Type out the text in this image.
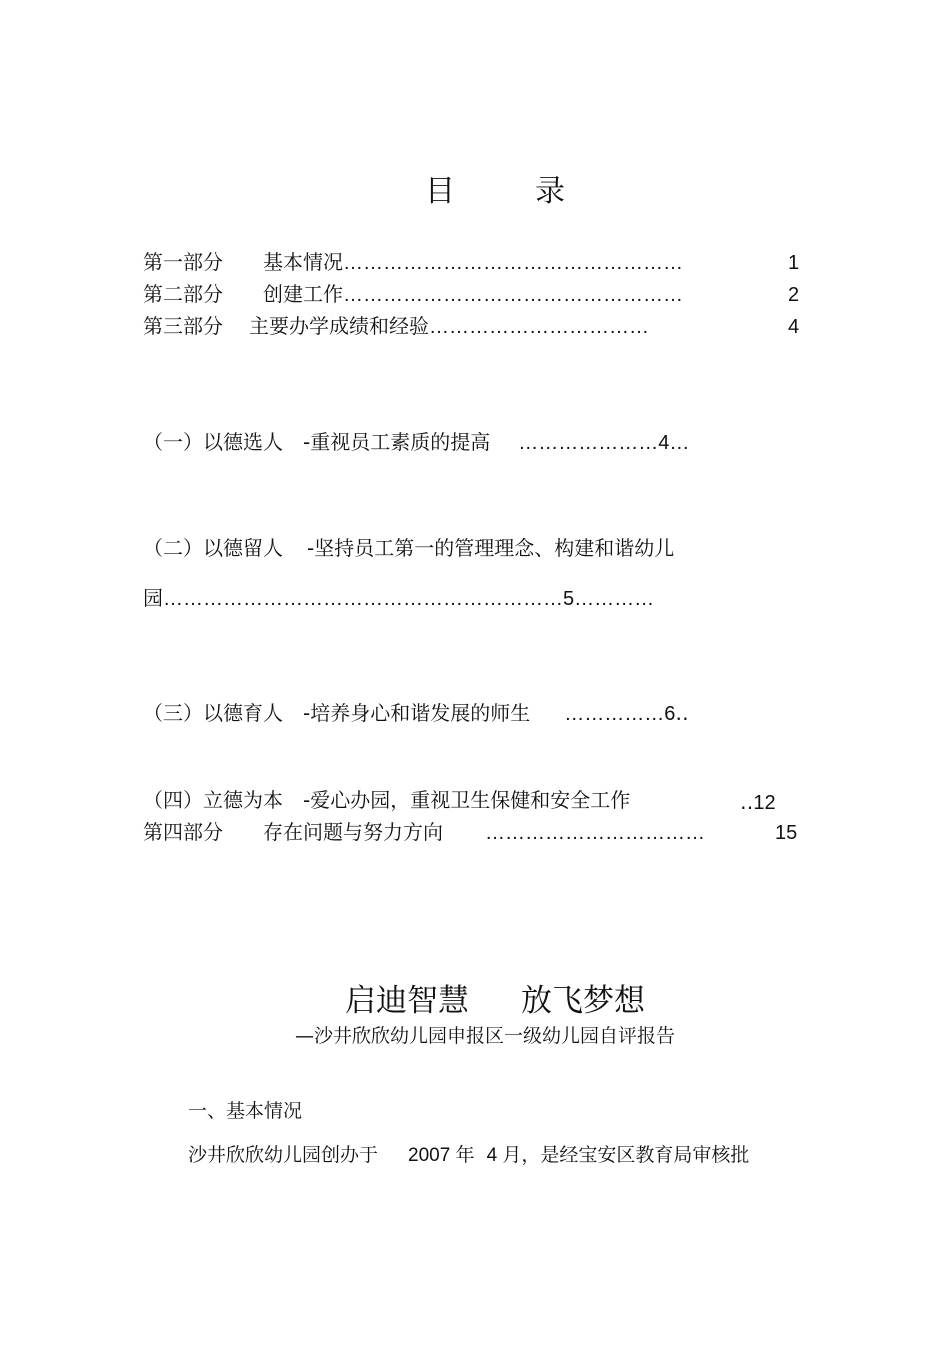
目	录
第一部分 基本情况……………………………………………	1
第二部分 创建工作……………………………………………	2
第三部分 主要办学成绩和经验……………………………	4
（一）以德选人 -重视员工素质的提高 …………………4…
（二）以德留人 -坚持员工第一的管理理念、构建和谐幼儿
园……………………………………………………5…………
（三）以德育人 -培养身心和谐发展的师生 ……………6‥
（四）立德为本 -爱心办园，重视卫生保健和安全工作	‥12
第四部分 存在问题与努力方向 ……………………………	15
启迪智慧 放飞梦想
—沙井欣欣幼儿园申报区一级幼儿园自评报告
一、基本情况
沙井欣欣幼儿园创办于 2007 年 4 月，是经宝安区教育局审核批
